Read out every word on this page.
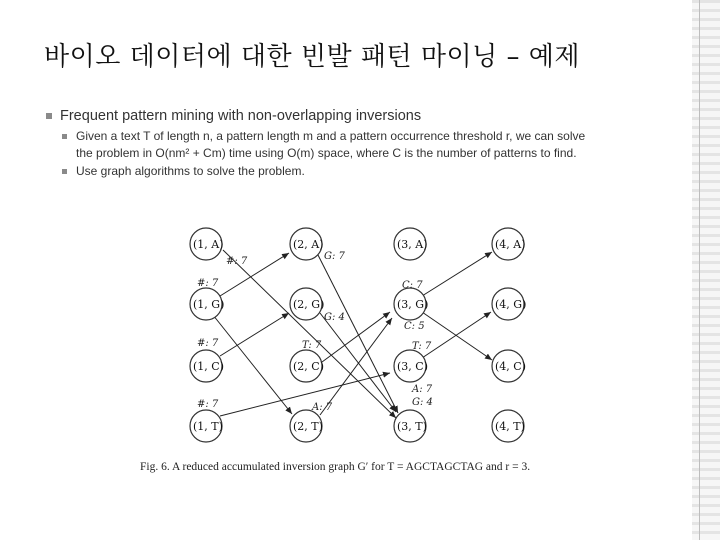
바이오 데이터에 대한 빈발 패턴 마이닝 – 예제
Frequent pattern mining with non-overlapping inversions
Given a text T of length n, a pattern length m and a pattern occurrence threshold r, we can solve
the problem in O(nm² + Cm) time using O(m) space, where C is the number of patterns to find.
Use graph algorithms to solve the problem.
(1, A)	(2, A)	(3, A)	(4, A)
(1, G)	(2, G)	(3, G)	(4, G)
(1, C)	(2, C)	(3, C)	(4, C)
(1, T)	(2, T)	(3, T)	(4, T)
#: 7	G: 7
#: 7
G: 4
#: 7	T: 7
#: 7	A: 7
C: 7
C: 5
T: 7
A: 7
G: 4
Fig. 6. A reduced accumulated inversion graph G′ for T = AGCTAGCTAG and r = 3.
